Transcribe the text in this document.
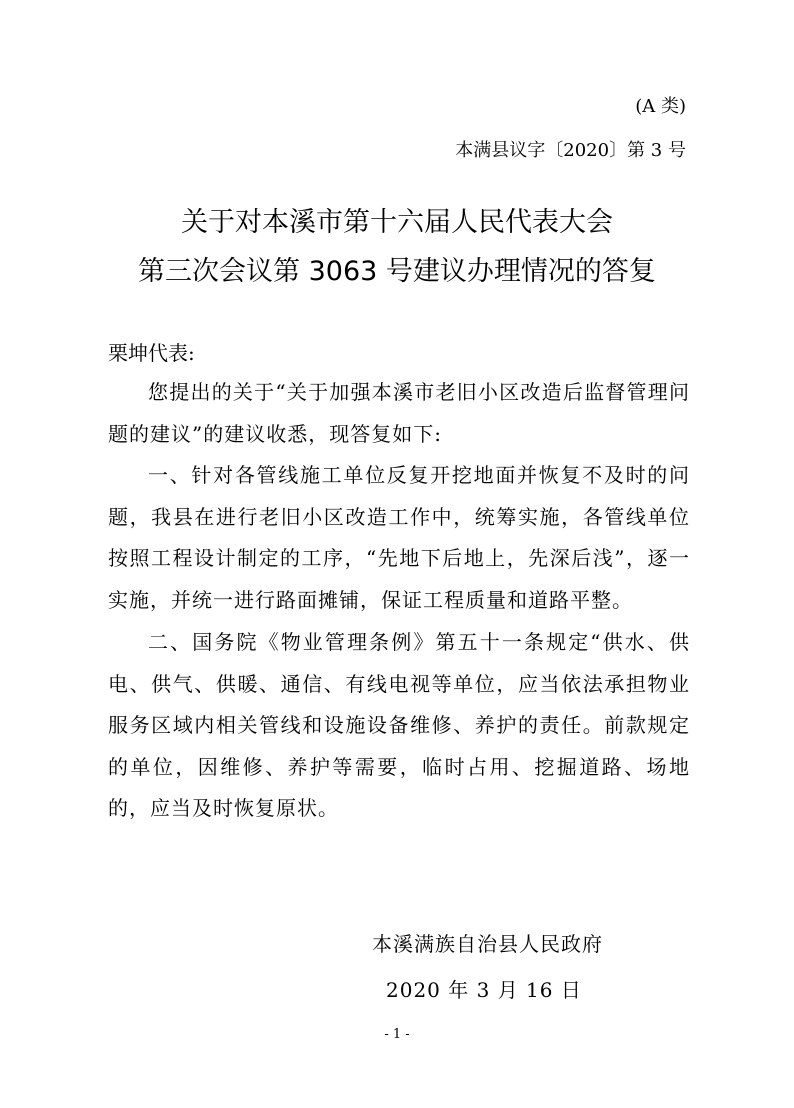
(A 类)
本满县议字〔2020〕第 3 号
关于对本溪市第十六届人民代表大会
第三次会议第 3063 号建议办理情况的答复
栗坤代表:

您提出的关于“关于加强本溪市老旧小区改造后监督管理问题的建议”的建议收悉，现答复如下:

一、针对各管线施工单位反复开挖地面并恢复不及时的问题，我县在进行老旧小区改造工作中，统筹实施，各管线单位按照工程设计制定的工序，“先地下后地上，先深后浅”，逐一实施，并统一进行路面摊铺，保证工程质量和道路平整。

二、国务院《物业管理条例》第五十一条规定“供水、供电、供气、供暖、通信、有线电视等单位，应当依法承担物业服务区域内相关管线和设施设备维修、养护的责任。前款规定的单位，因维修、养护等需要，临时占用、挖掘道路、场地的，应当及时恢复原状。

本溪满族自治县人民政府
2020 年 3 月 16 日
- 1 -
